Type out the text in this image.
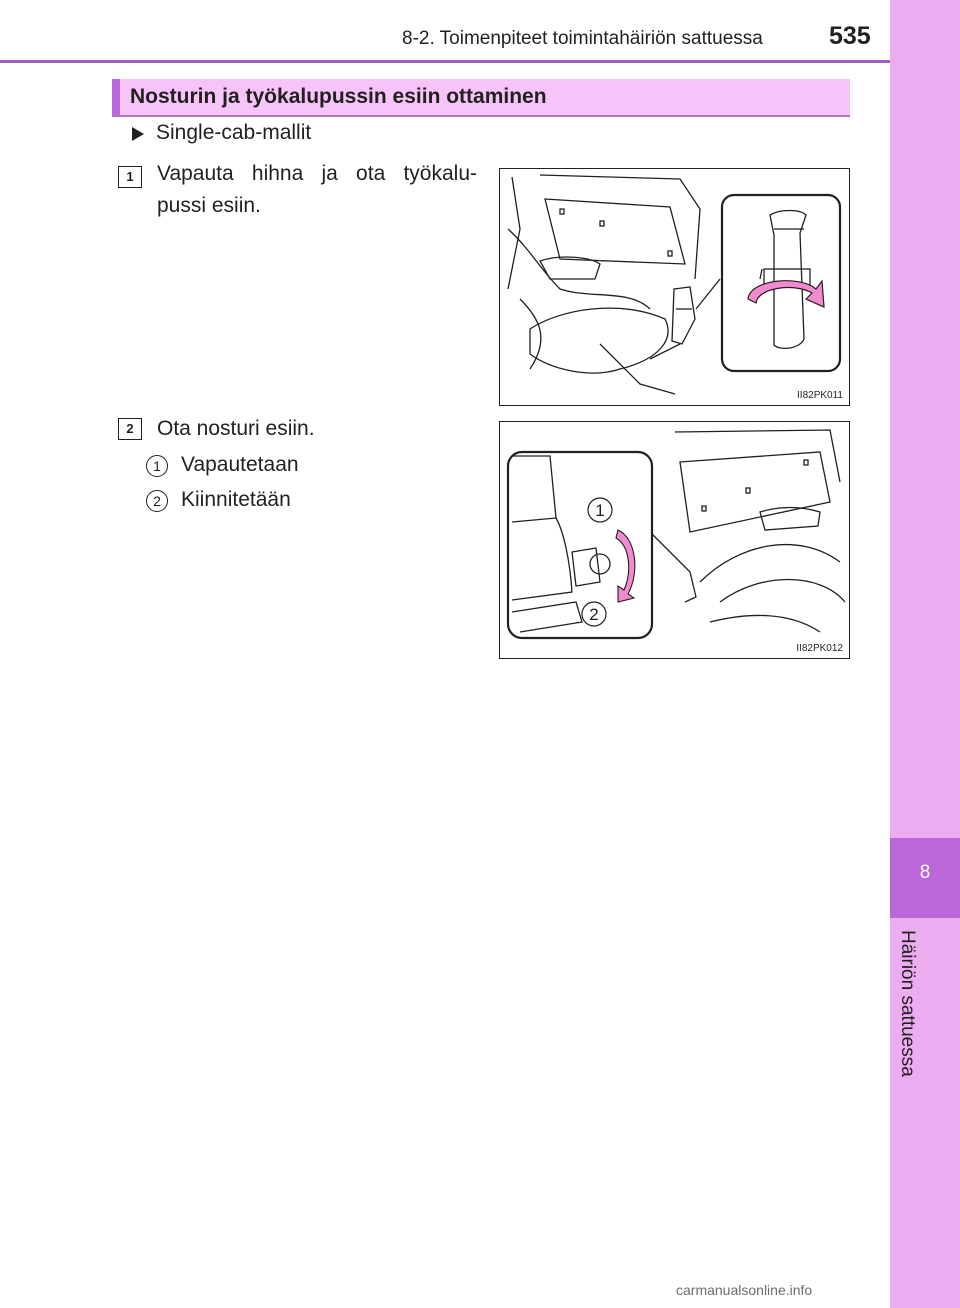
8-2. Toimenpiteet toimintahäiriön sattuessa	535
8
Häiriön sattuessa
Nosturin ja työkalupussin esiin ottaminen
Single-cab-mallit
1	Vapauta hihna ja ota työkalu-
pussi esiin.
II82PK011
2	Ota nosturi esiin.
1 Vapautetaan
2 Kiinnitetään	1
2
II82PK012
carmanualsonline.info
